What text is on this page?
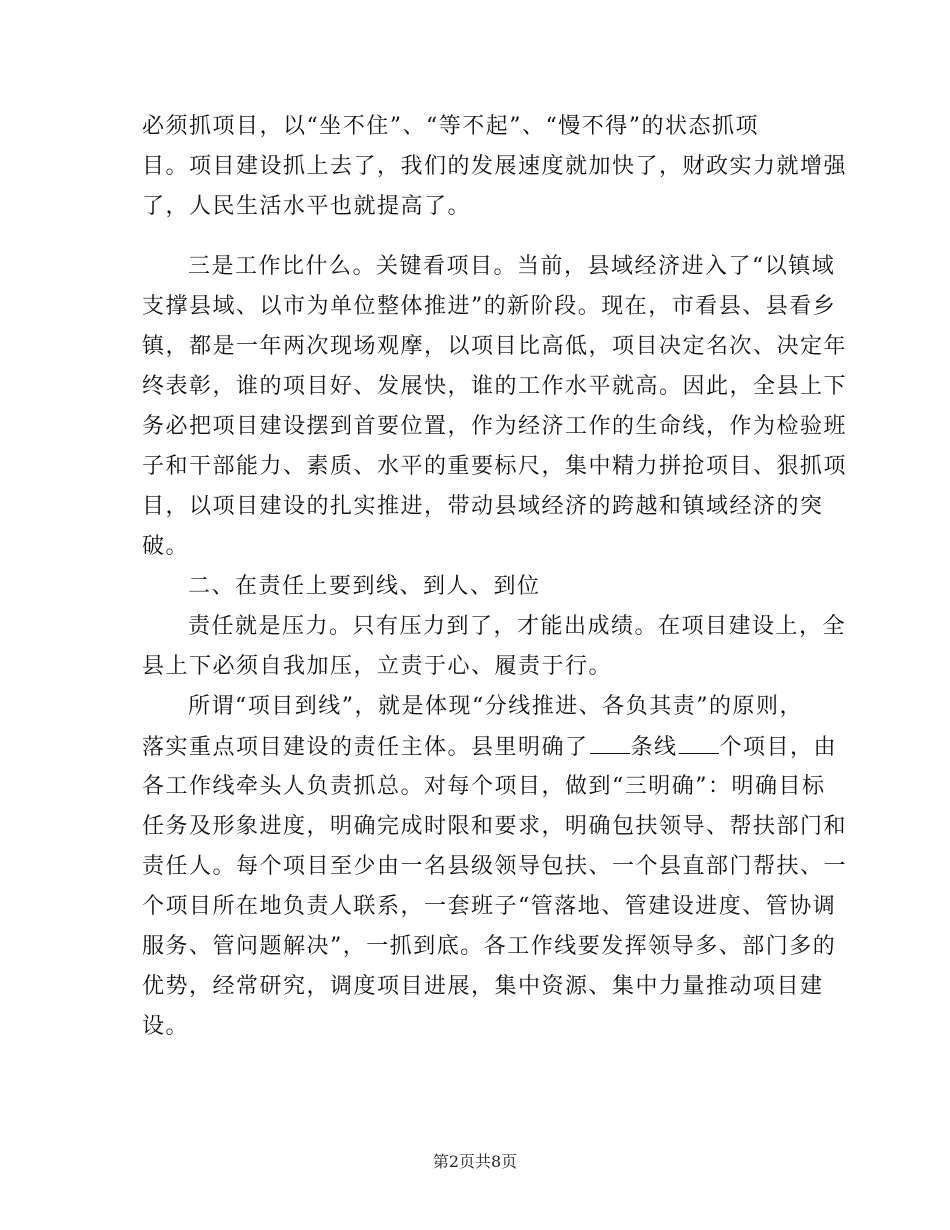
必须抓项目，以“坐不住”、“等不起”、“慢不得”的状态抓项
目。项目建设抓上去了，我们的发展速度就加快了，财政实力就增强
了，人民生活水平也就提高了。
三是工作比什么。关键看项目。当前，县域经济进入了“以镇域
支撑县域、以市为单位整体推进”的新阶段。现在，市看县、县看乡
镇，都是一年两次现场观摩，以项目比高低，项目决定名次、决定年
终表彰，谁的项目好、发展快，谁的工作水平就高。因此，全县上下
务必把项目建设摆到首要位置，作为经济工作的生命线，作为检验班
子和干部能力、素质、水平的重要标尺，集中精力拼抢项目、狠抓项
目，以项目建设的扎实推进，带动县域经济的跨越和镇域经济的突
破。
二、在责任上要到线、到人、到位
责任就是压力。只有压力到了，才能出成绩。在项目建设上，全
县上下必须自我加压，立责于心、履责于行。
所谓“项目到线”，就是体现“分线推进、各负其责”的原则，
落实重点项目建设的责任主体。县里明确了 条线 个项目，由
各工作线牵头人负责抓总。对每个项目，做到“三明确”：明确目标
任务及形象进度，明确完成时限和要求，明确包扶领导、帮扶部门和
责任人。每个项目至少由一名县级领导包扶、一个县直部门帮扶、一
个项目所在地负责人联系，一套班子“管落地、管建设进度、管协调
服务、管问题解决”，一抓到底。各工作线要发挥领导多、部门多的
优势，经常研究，调度项目进展，集中资源、集中力量推动项目建
设。
第2页共8页
